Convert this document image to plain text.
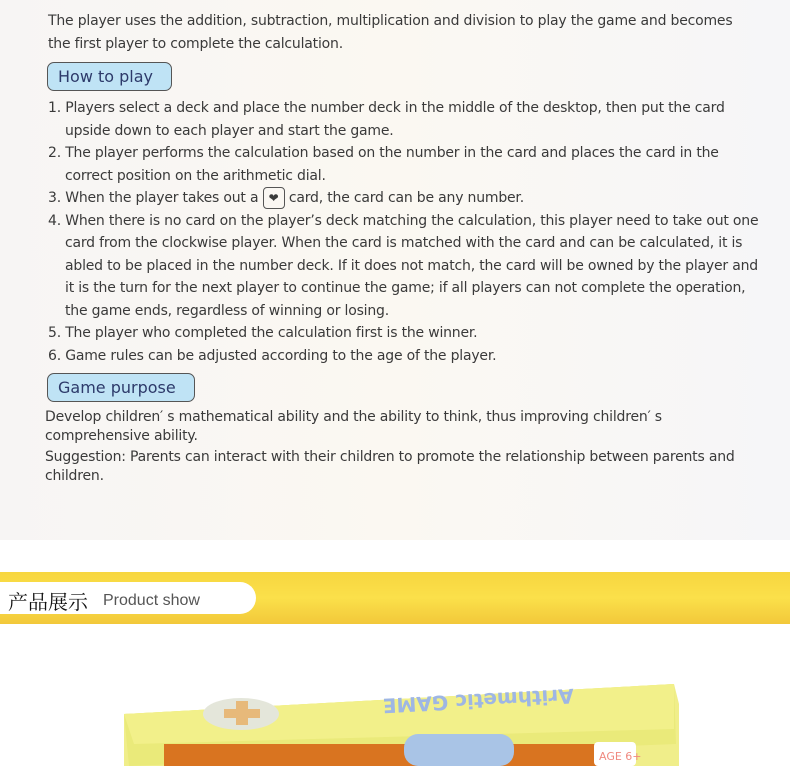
The player uses the addition, subtraction, multiplication and division to play the game and becomes the first player to complete the calculation.
How to play
1. Players select a deck and place the number deck in the middle of the desktop, then put the card upside down to each player and start the game.
2. The player performs the calculation based on the number in the card and places the card in the correct position on the arithmetic dial.
3. When the player takes out a ❤ card, the card can be any number.
4. When there is no card on the player’s deck matching the calculation, this player need to take out one card from the clockwise player. When the card is matched with the card and can be calculated, it is abled to be placed in the number deck. If it does not match, the card will be owned by the player and it is the turn for the next player to continue the game; if all players can not complete the operation, the game ends, regardless of winning or losing.
5. The player who completed the calculation first is the winner.
6. Game rules can be adjusted according to the age of the player.
Game purpose
Develop children′ s mathematical ability and the ability to think, thus improving children′ s comprehensive ability.
Suggestion: Parents can interact with their children to promote the relationship between parents and children.
产品展示 Product show
Arithmetic GAME
AGE 6+
